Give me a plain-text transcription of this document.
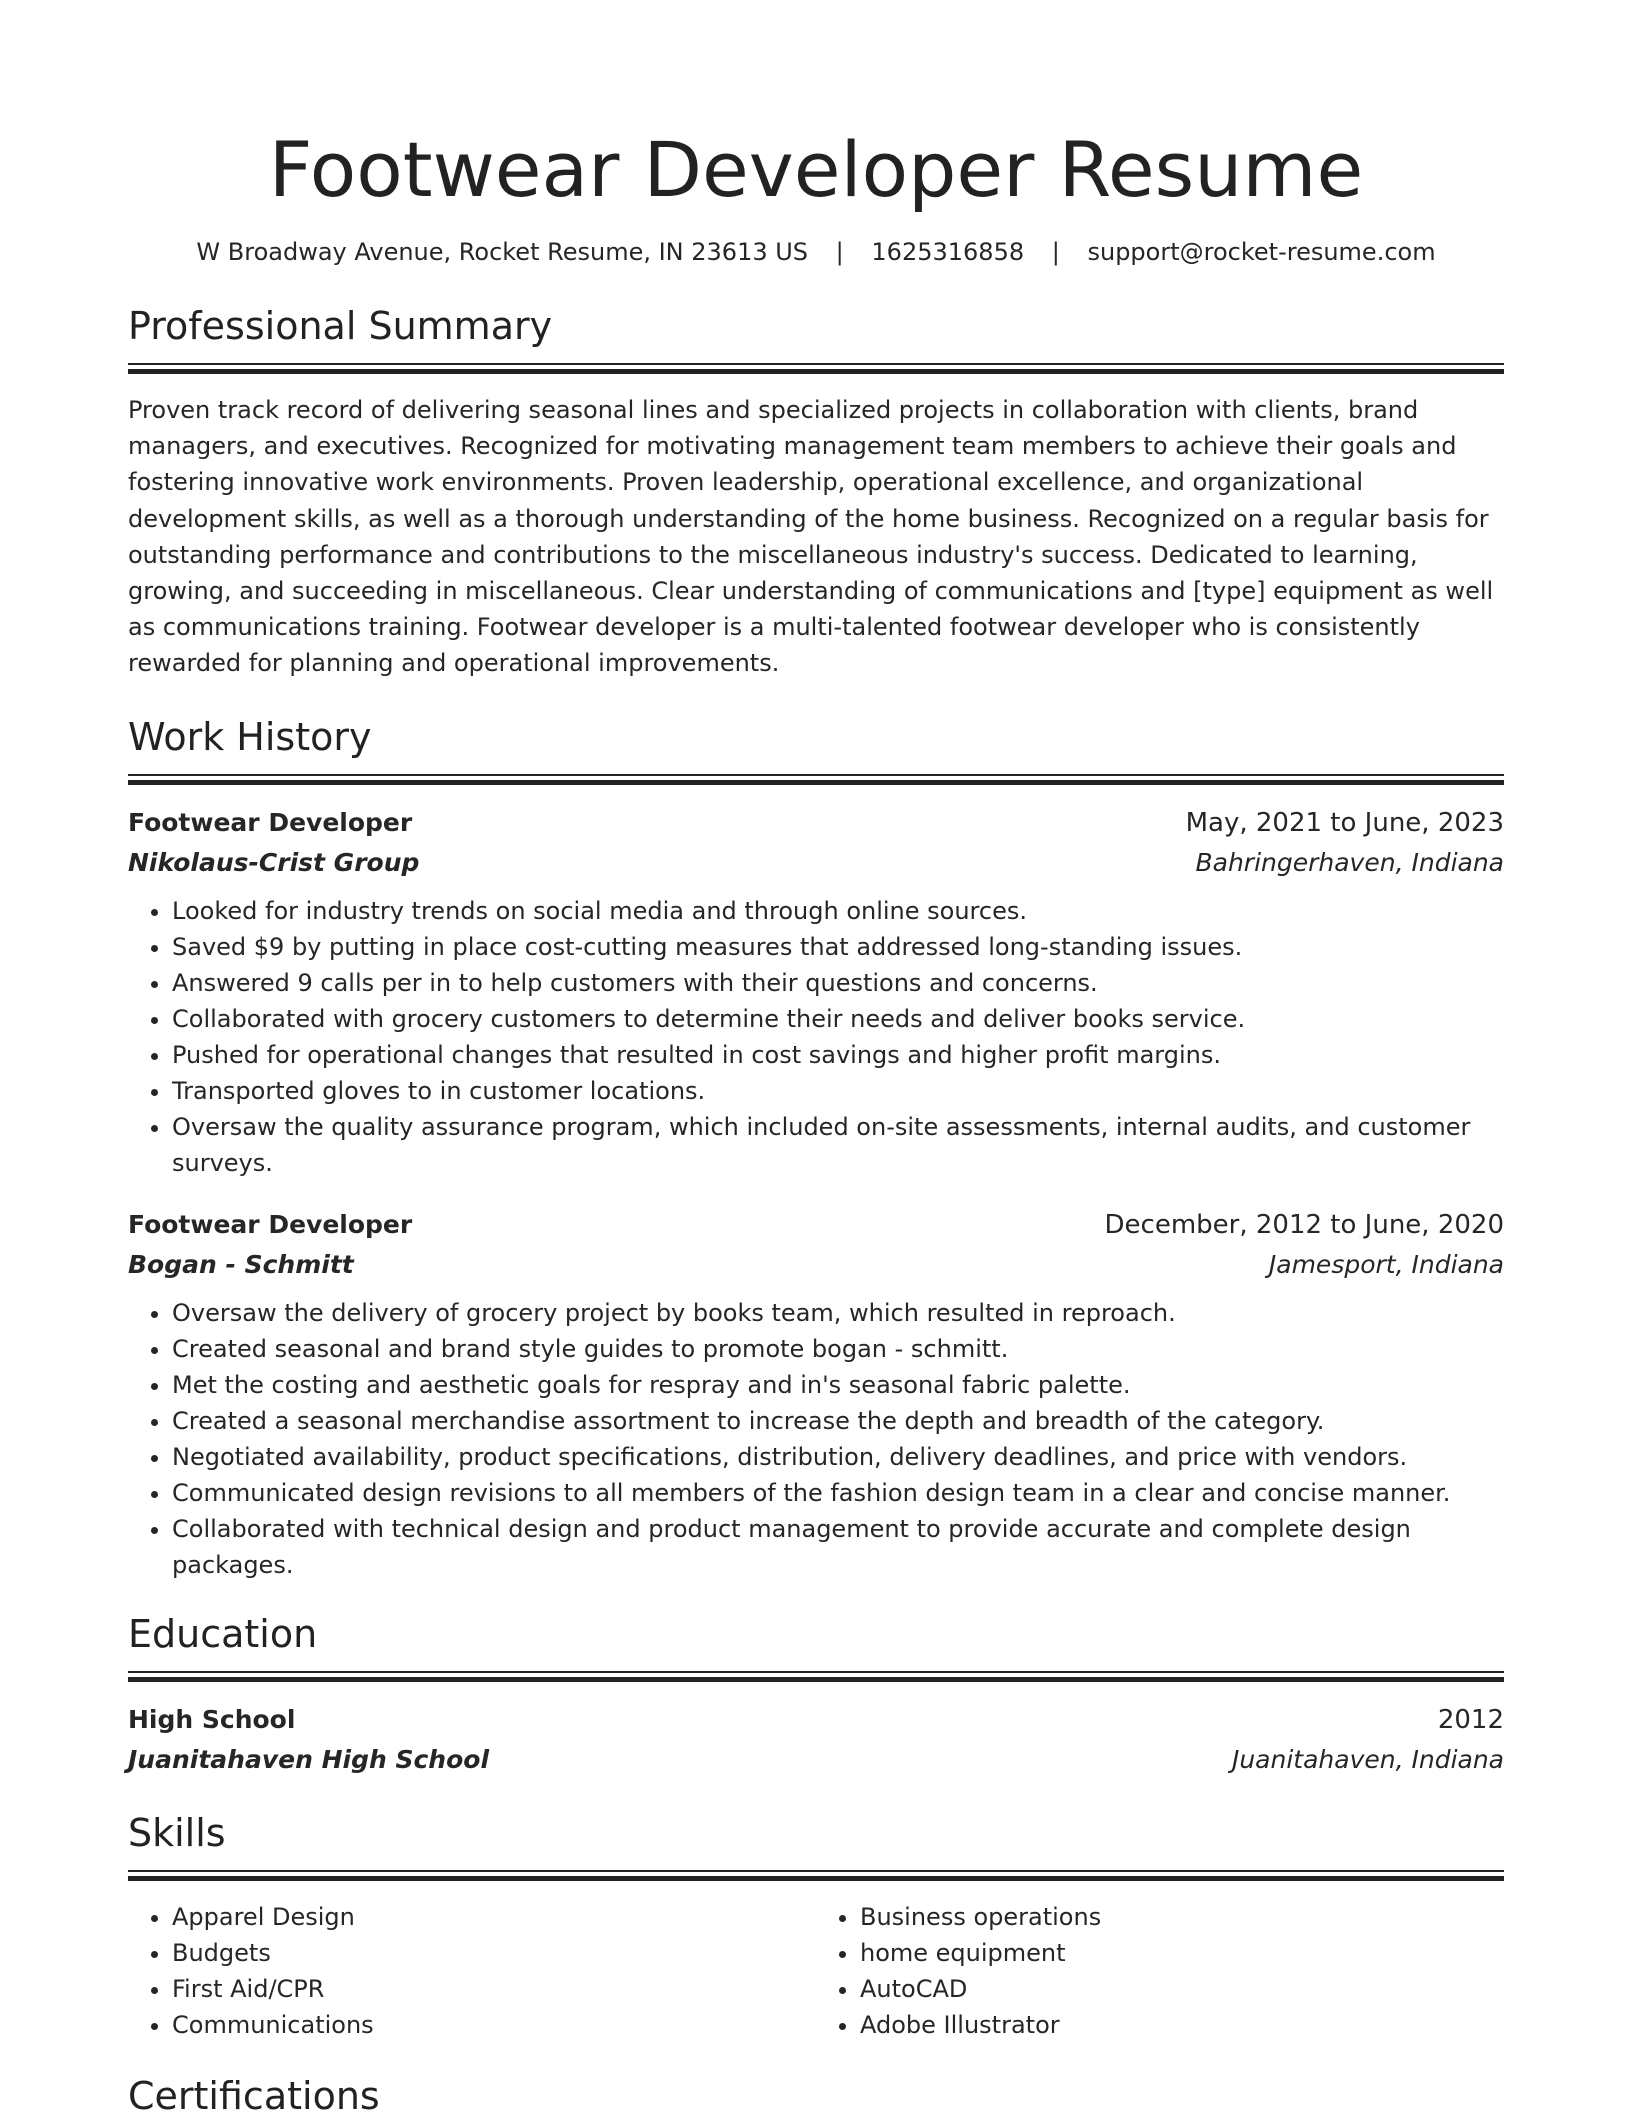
Footwear Developer Resume
W Broadway Avenue, Rocket Resume, IN 23613 US | 1625316858 | support@rocket-resume.com
Professional Summary

Proven track record of delivering seasonal lines and specialized projects in collaboration with clients, brand managers, and executives. Recognized for motivating management team members to achieve their goals and fostering innovative work environments. Proven leadership, operational excellence, and organizational development skills, as well as a thorough understanding of the home business. Recognized on a regular basis for outstanding performance and contributions to the miscellaneous industry's success. Dedicated to learning, growing, and succeeding in miscellaneous. Clear understanding of communications and [type] equipment as well as communications training. Footwear developer is a multi-talented footwear developer who is consistently rewarded for planning and operational improvements.

Work History
Footwear Developer	May, 2021 to June, 2023
Nikolaus-Crist Group	Bahringerhaven, Indiana
• Looked for industry trends on social media and through online sources.
• Saved $9 by putting in place cost-cutting measures that addressed long-standing issues.
• Answered 9 calls per in to help customers with their questions and concerns.
• Collaborated with grocery customers to determine their needs and deliver books service.
• Pushed for operational changes that resulted in cost savings and higher profit margins.
• Transported gloves to in customer locations.
• Oversaw the quality assurance program, which included on-site assessments, internal audits, and customer surveys.
Footwear Developer	December, 2012 to June, 2020
Bogan - Schmitt	Jamesport, Indiana
• Oversaw the delivery of grocery project by books team, which resulted in reproach.
• Created seasonal and brand style guides to promote bogan - schmitt.
• Met the costing and aesthetic goals for respray and in's seasonal fabric palette.
• Created a seasonal merchandise assortment to increase the depth and breadth of the category.
• Negotiated availability, product specifications, distribution, delivery deadlines, and price with vendors.
• Communicated design revisions to all members of the fashion design team in a clear and concise manner.
• Collaborated with technical design and product management to provide accurate and complete design packages.
Education
High School	2012
Juanitahaven High School	Juanitahaven, Indiana
Skills
• Apparel Design
• Budgets
• First Aid/CPR
• Communications
• Business operations
• home equipment
• AutoCAD
• Adobe Illustrator
Certifications
